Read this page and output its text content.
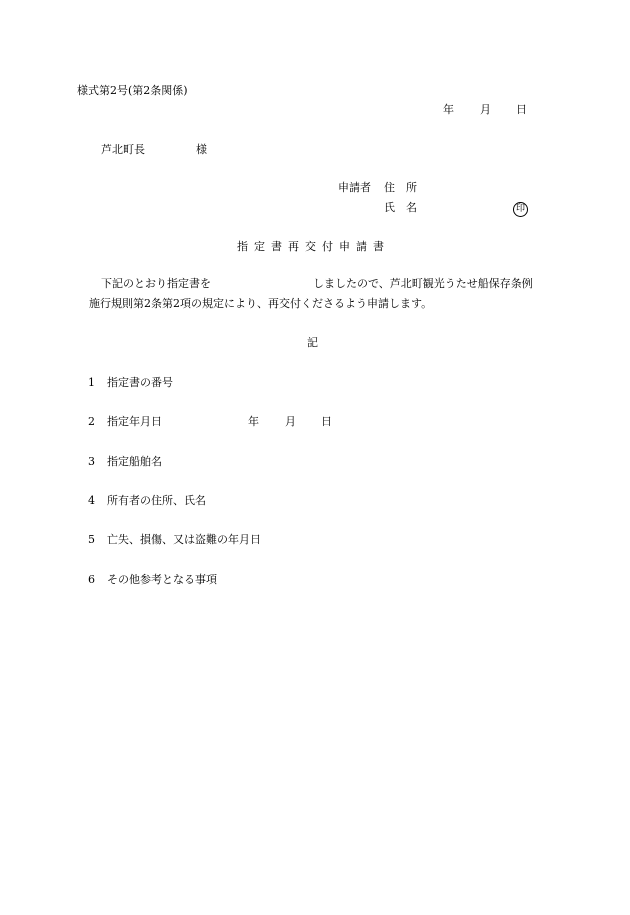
様式第2号(第2条関係)
年 月 日
芦北町長	様
申請者 住　所
氏　名	印
指定書再交付申請書
下記のとおり指定書を	しましたので、芦北町観光うたせ船保存条例
施行規則第2条第2項の規定により、再交付くださるよう申請します。
記
1 指定書の番号
2 指定年月日	年 月 日
3 指定船舶名
4 所有者の住所、氏名
5 亡失、損傷、又は盗難の年月日
6 その他参考となる事項
